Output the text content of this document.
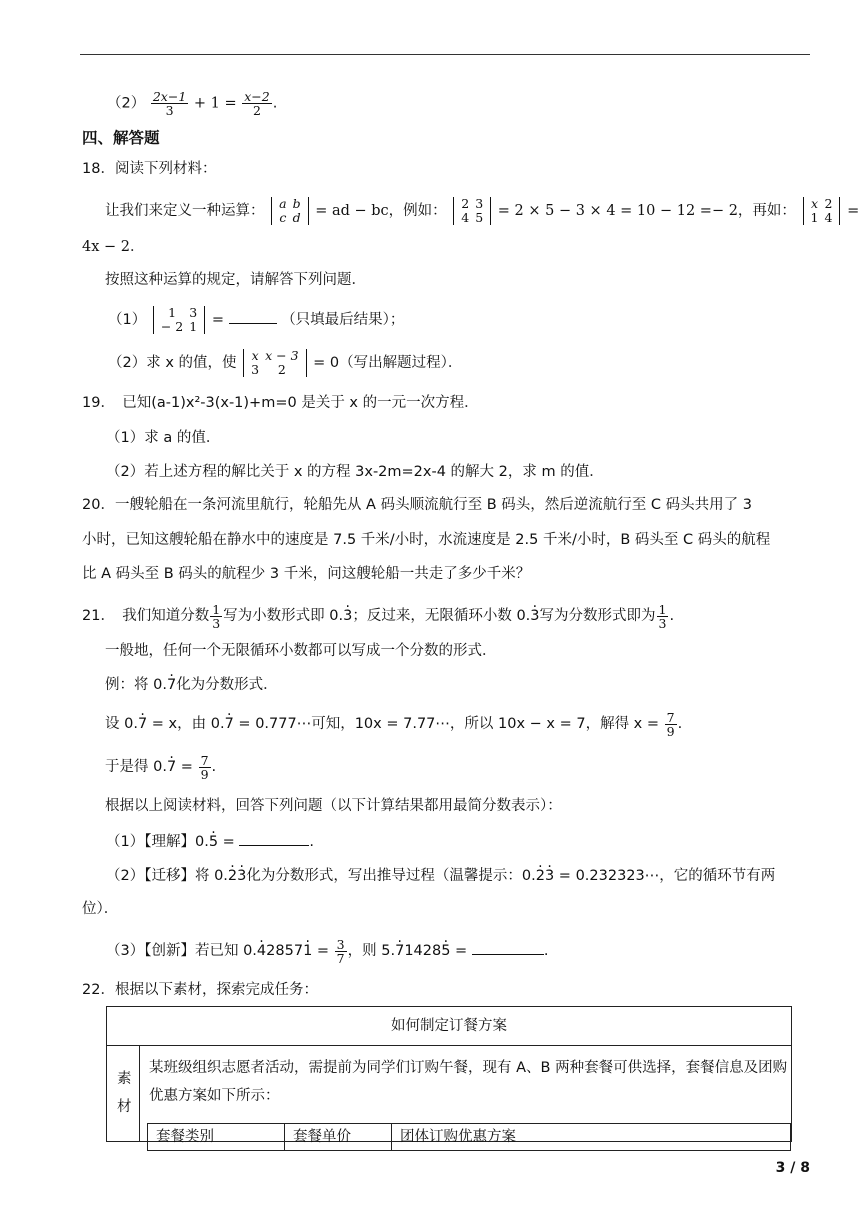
$(2) \frac{2x-1}{3} + 1 = \frac{x-2}{2}$ .
四、解答题
18．阅读下列材料：
让我们来定义一种运算： a	b
c	d = ad − bc，例如： 2	3
4	5 = 2 × 5 − 3 × 4 = 10 − 12 =− 2，再如： x	2
1	4 =
4x − 2．
按照这种运算的规定，请解答下列问题．
（1） 1	3
− 2	1 =	（只填最后结果）；
（2）求 x 的值，使 x	x − 3
3	2 = 0（写出解题过程）．
19．　已知(a-1)x²-3(x-1)+m=0 是关于 x 的一元一次方程．
（1）求 a 的值．
（2）若上述方程的解比关于 x 的方程 3x-2m=2x-4 的解大 2，求 m 的值．
20．一艘轮船在一条河流里航行，轮船先从 A 码头顺流航行至 B 码头，然后逆流航行至 C 码头共用了 3
小时，已知这艘轮船在静水中的速度是 7.5 千米/小时，水流速度是 2.5 千米/小时，B 码头至 C 码头的航程
比 A 码头至 B 码头的航程少 3 千米，问这艘轮船一共走了多少千米？
21．　我们知道分数 $\frac{1}{3}$ 写为小数形式即 0.3 ·；反过来，无限循环小数 0.3 ·写为分数形式即为 $\frac{1}{3}$ .
一般地，任何一个无限循环小数都可以写成一个分数的形式．
例：将 0.7 ·化为分数形式．
设 0.7 · = x，由 0.7 · = 0.777⋯可知，10x = 7.77⋯，所以 10x − x = 7，解得 $x = \frac{7}{9}$ .
于是得 0.7 · = $\frac{7}{9}$ .
根据以上阅读材料，回答下列问题（以下计算结果都用最简分数表示）：
（1）【理解】0.5 · =	.
（2）【迁移】将 0.2 ·3 ·化为分数形式，写出推导过程（温馨提示：0.2 ·3 · = 0.232323⋯，它的循环节有两
位）．
（3）【创新】若已知 0.4 ·28571 · = $\frac{3}{7}$ ，则 5.7 ·14285 · =	.
22．根据以下素材，探索完成任务：
如何制定订餐方案
素
材
某班级组织志愿者活动，需提前为同学们订购午餐，现有 A、B 两种套餐可供选择，套餐信息及团购优惠方案如下所示：
套餐类别	套餐单价	团体订购优惠方案
3 / 8
